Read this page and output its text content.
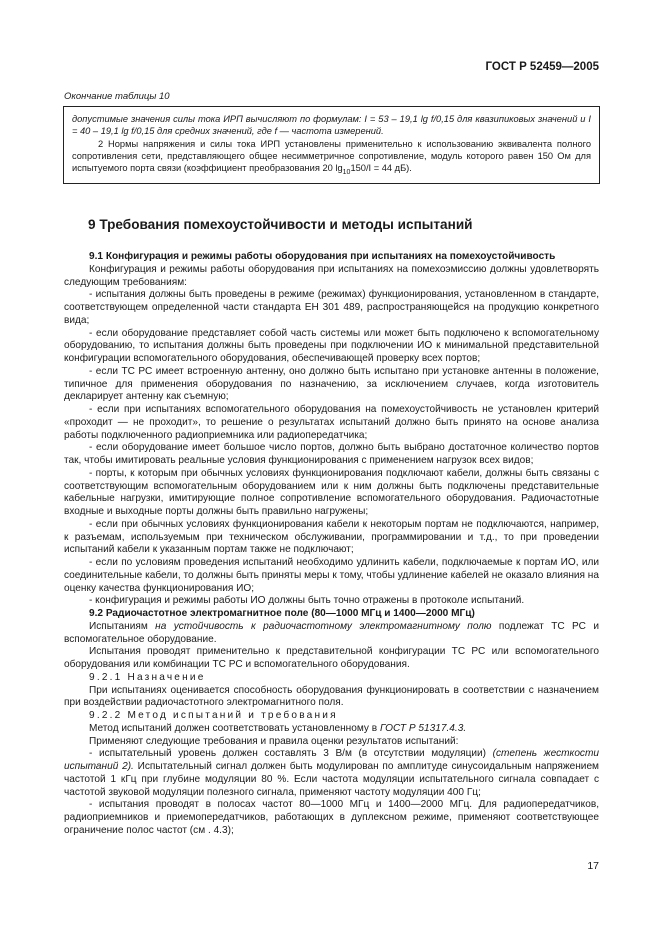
ГОСТ Р 52459—2005
Окончание таблицы 10

допустимые значения силы тока ИРП вычисляют по формулам: I = 53 – 19,1 lg f/0,15 для квазипиковых значений и I = 40 – 19,1 lg f/0,15 для средних значений, где f — частота измерений.

2 Нормы напряжения и силы тока ИРП установлены применительно к использованию эквивалента полного сопротивления сети, представляющего общее несимметричное сопротивление, модуль которого равен 150 Ом для испытуемого порта связи (коэффициент преобразования 20 $\lg_{10}150/I = 44$ дБ).

9 Требования помехоустойчивости и методы испытаний

9.1 Конфигурация и режимы работы оборудования при испытаниях на помехоустойчивость

Конфигурация и режимы работы оборудования при испытаниях на помехоэмиссию должны удовлетворять следующим требованиям:

- испытания должны быть проведены в режиме (режимах) функционирования, установленном в стандарте, соответствующем определенной части стандарта ЕН 301 489, распространяющейся на продукцию конкретного вида;

- если оборудование представляет собой часть системы или может быть подключено к вспомогательному оборудованию, то испытания должны быть проведены при подключении ИО к минимальной представительной конфигурации вспомогательного оборудования, обеспечивающей проверку всех портов;

- если ТС РС имеет встроенную антенну, оно должно быть испытано при установке антенны в положение, типичное для применения оборудования по назначению, за исключением случаев, когда изготовитель декларирует антенну как съемную;

- если при испытаниях вспомогательного оборудования на помехоустойчивость не установлен критерий «проходит — не проходит», то решение о результатах испытаний должно быть принято на основе анализа работы подключенного радиоприемника или радиопередатчика;

- если оборудование имеет большое число портов, должно быть выбрано достаточное количество портов так, чтобы имитировать реальные условия функционирования с применением нагрузок всех видов;

- порты, к которым при обычных условиях функционирования подключают кабели, должны быть связаны с соответствующим вспомогательным оборудованием или к ним должны быть подключены представительные кабельные нагрузки, имитирующие полное сопротивление вспомогательного оборудования. Радиочастотные входные и выходные порты должны быть правильно нагружены;

- если при обычных условиях функционирования кабели к некоторым портам не подключаются, например, к разъемам, используемым при техническом обслуживании, программировании и т.д., то при проведении испытаний кабели к указанным портам также не подключают;

- если по условиям проведения испытаний необходимо удлинить кабели, подключаемые к портам ИО, или соединительные кабели, то должны быть приняты меры к тому, чтобы удлинение кабелей не оказало влияния на оценку качества функционирования ИО;

- конфигурация и режимы работы ИО должны быть точно отражены в протоколе испытаний.

9.2 Радиочастотное электромагнитное поле (80—1000 МГц и 1400—2000 МГц)

Испытаниям на устойчивость к радиочастотному электромагнитному полю подлежат ТС РС и вспомогательное оборудование.

Испытания проводят применительно к представительной конфигурации ТС РС или вспомогательного оборудования или комбинации ТС РС и вспомогательного оборудования.

9.2.1 Назначение

При испытаниях оценивается способность оборудования функционировать в соответствии с назначением при воздействии радиочастотного электромагнитного поля.

9.2.2 Метод испытаний и требования

Метод испытаний должен соответствовать установленному в ГОСТ Р 51317.4.3.

Применяют следующие требования и правила оценки результатов испытаний:

- испытательный уровень должен составлять 3 В/м (в отсутствии модуляции) (степень жесткости испытаний 2). Испытательный сигнал должен быть модулирован по амплитуде синусоидальным напряжением частотой 1 кГц при глубине модуляции 80 %. Если частота модуляции испытательного сигнала совпадает с частотой звуковой модуляции полезного сигнала, применяют частоту модуляции 400 Гц;

- испытания проводят в полосах частот 80—1000 МГц и 1400—2000 МГц. Для радиопередатчиков, радиоприемников и приемопередатчиков, работающих в дуплексном режиме, применяют соответствующее ограничение полос частот (см . 4.3);

17
